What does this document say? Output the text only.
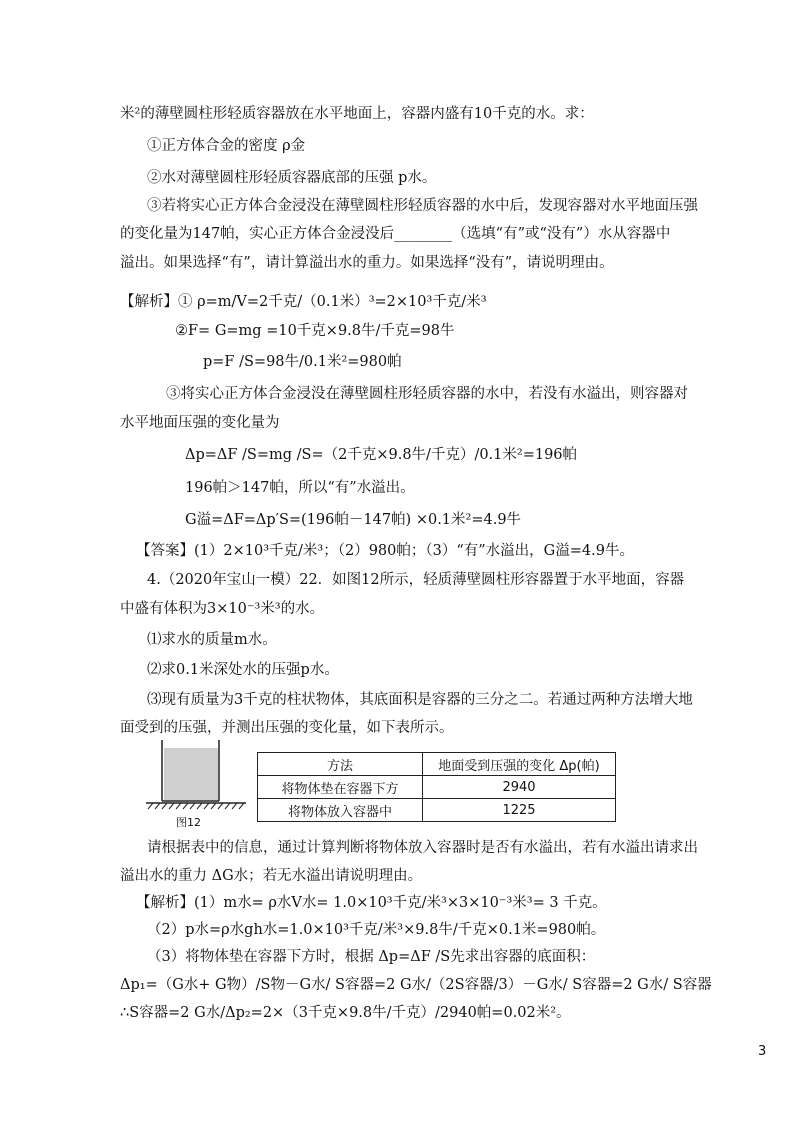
米²的薄壁圆柱形轻质容器放在水平地面上，容器内盛有10千克的水。求：
①正方体合金的密度 ρ金
②水对薄壁圆柱形轻质容器底部的压强 p水。
③若将实心正方体合金浸没在薄壁圆柱形轻质容器的水中后，发现容器对水平地面压强
的变化量为147帕，实心正方体合金浸没后________（选填“有”或“没有”）水从容器中
溢出。如果选择“有”，请计算溢出水的重力。如果选择“没有”，请说明理由。
【解析】① ρ=m/V=2千克/（0.1米）³=2×10³千克/米³
②F= G=mg =10千克×9.8牛/千克=98牛
p=F /S=98牛/0.1米²=980帕
③将实心正方体合金浸没在薄壁圆柱形轻质容器的水中，若没有水溢出，则容器对
水平地面压强的变化量为
Δp=ΔF /S=mg /S=（2千克×9.8牛/千克）/0.1米²=196帕
196帕＞147帕，所以“有”水溢出。
G溢=ΔF=Δp′S=(196帕－147帕) ×0.1米²=4.9牛
【答案】(1）2×10³千克/米³；（2）980帕；（3）“有”水溢出，G溢=4.9牛。
4.（2020年宝山一模）22．如图12所示，轻质薄壁圆柱形容器置于水平地面，容器
中盛有体积为3×10⁻³米³的水。
⑴求水的质量m水。
⑵求0.1米深处水的压强p水。
⑶现有质量为3千克的柱状物体，其底面积是容器的三分之二。若通过两种方法增大地
面受到的压强，并测出压强的变化量，如下表所示。
图12
方法	地面受到压强的变化 Δp(帕)
将物体垫在容器下方	2940
将物体放入容器中	1225
请根据表中的信息，通过计算判断将物体放入容器时是否有水溢出，若有水溢出请求出
溢出水的重力 ΔG水；若无水溢出请说明理由。
【解析】(1）m水= ρ水V水= 1.0×10³千克/米³×3×10⁻³米³= 3 千克。
（2）p水=ρ水gh水=1.0×10³千克/米³×9.8牛/千克×0.1米=980帕。
（3）将物体垫在容器下方时，根据 Δp=ΔF /S先求出容器的底面积：
Δp₁=（G水+ G物）/S物－G水/ S容器=2 G水/（2S容器/3）－G水/ S容器=2 G水/ S容器
∴S容器=2 G水/Δp₂=2×（3千克×9.8牛/千克）/2940帕=0.02米²。
3
